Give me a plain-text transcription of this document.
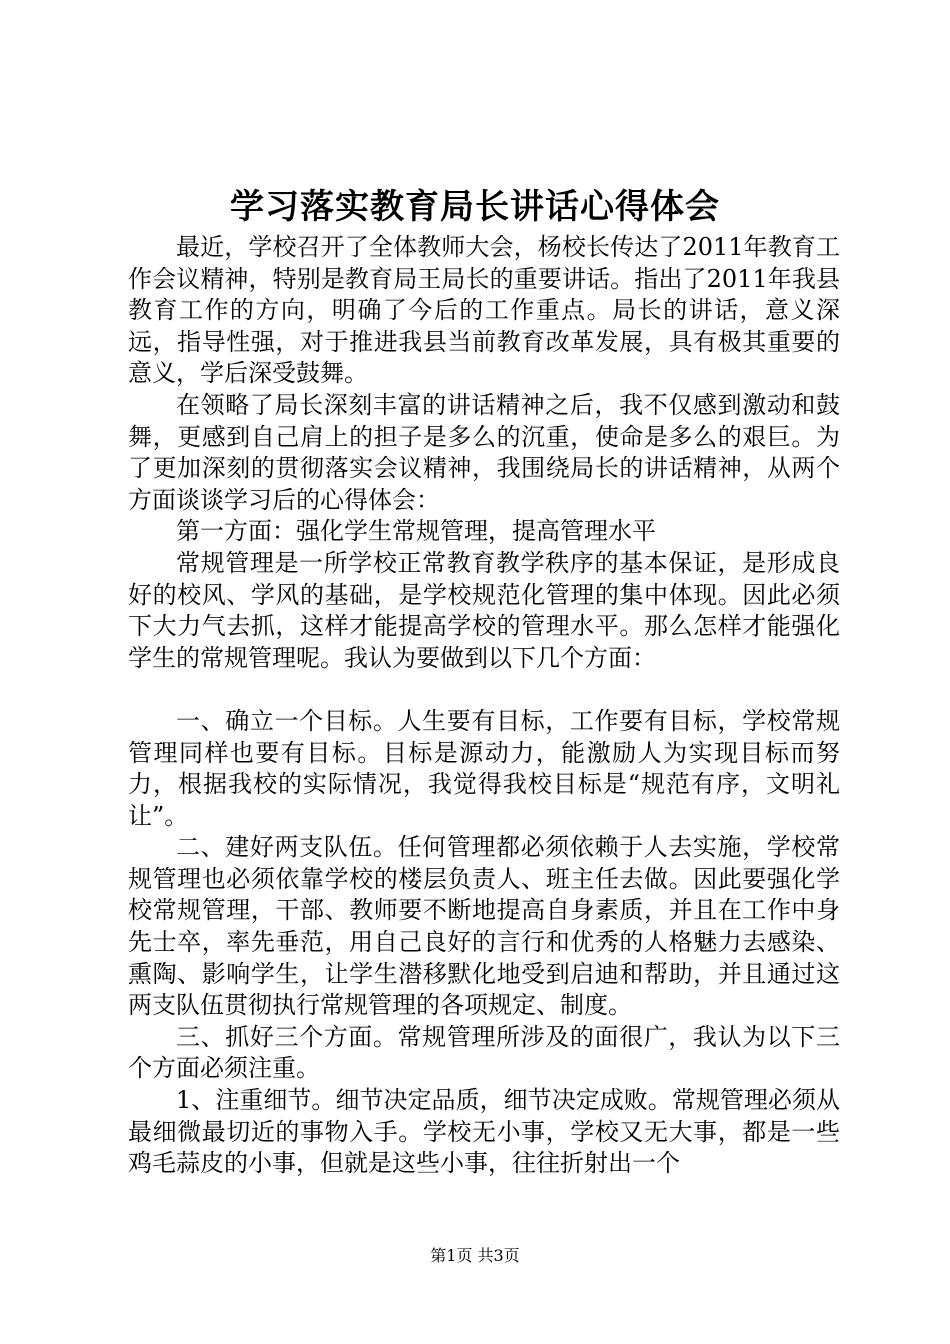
学习落实教育局长讲话心得体会

最近，学校召开了全体教师大会，杨校长传达了2011年教育工作会议精神，特别是教育局王局长的重要讲话。指出了2011年我县教育工作的方向，明确了今后的工作重点。局长的讲话，意义深远，指导性强，对于推进我县当前教育改革发展，具有极其重要的意义，学后深受鼓舞。

在领略了局长深刻丰富的讲话精神之后，我不仅感到激动和鼓舞，更感到自己肩上的担子是多么的沉重，使命是多么的艰巨。为了更加深刻的贯彻落实会议精神，我围绕局长的讲话精神，从两个方面谈谈学习后的心得体会：

第一方面：强化学生常规管理，提高管理水平

常规管理是一所学校正常教育教学秩序的基本保证，是形成良好的校风、学风的基础，是学校规范化管理的集中体现。因此必须下大力气去抓，这样才能提高学校的管理水平。那么怎样才能强化学生的常规管理呢。我认为要做到以下几个方面：

一、确立一个目标。人生要有目标，工作要有目标，学校常规管理同样也要有目标。目标是源动力，能激励人为实现目标而努力，根据我校的实际情况，我觉得我校目标是“规范有序，文明礼让”。

二、建好两支队伍。任何管理都必须依赖于人去实施，学校常规管理也必须依靠学校的楼层负责人、班主任去做。因此要强化学校常规管理，干部、教师要不断地提高自身素质，并且在工作中身先士卒，率先垂范，用自己良好的言行和优秀的人格魅力去感染、熏陶、影响学生，让学生潜移默化地受到启迪和帮助，并且通过这两支队伍贯彻执行常规管理的各项规定、制度。

三、抓好三个方面。常规管理所涉及的面很广，我认为以下三个方面必须注重。

1、注重细节。细节决定品质，细节决定成败。常规管理必须从最细微最切近的事物入手。学校无小事，学校又无大事，都是一些鸡毛蒜皮的小事，但就是这些小事，往往折射出一个

第1页 共3页
